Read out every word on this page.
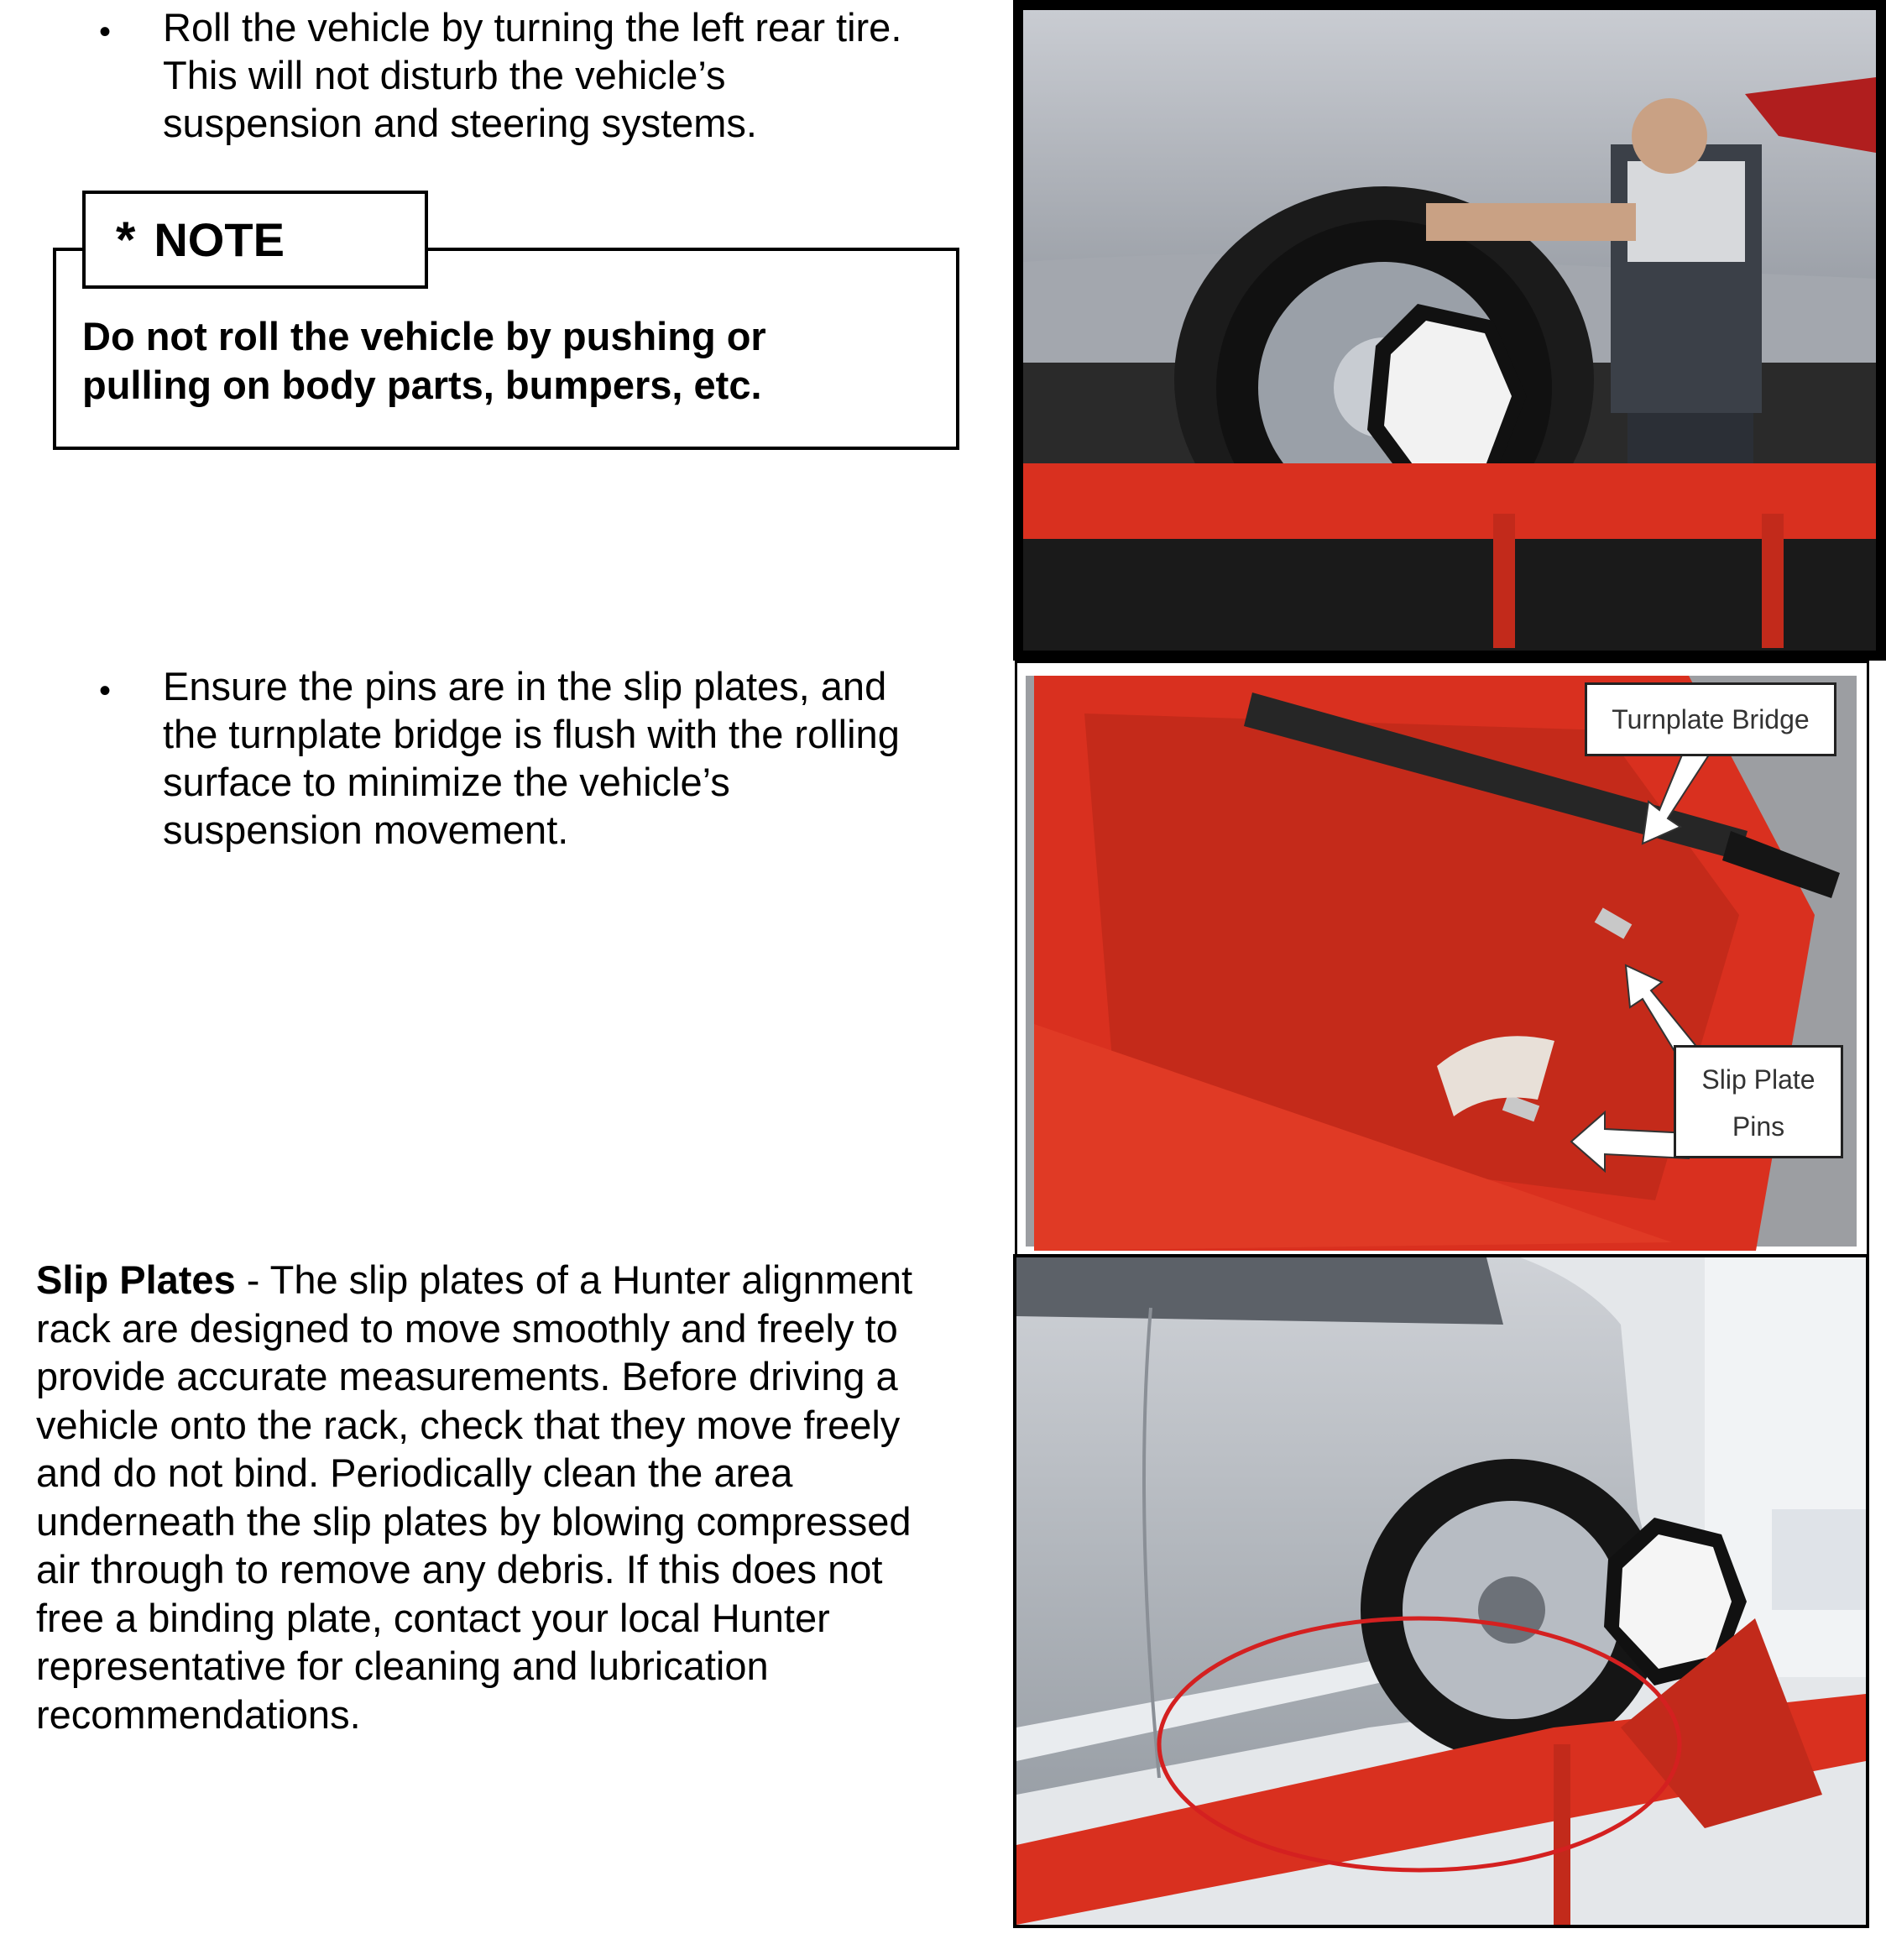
• Roll the vehicle by turning the left rear tire.
This will not disturb the vehicle’s
suspension and steering systems.
* NOTE
Do not roll the vehicle by pushing or
pulling on body parts, bumpers, etc.
• Ensure the pins are in the slip plates, and
the turnplate bridge is flush with the rolling
surface to minimize the vehicle’s
suspension movement.
Slip Plates - The slip plates of a Hunter alignment
rack are designed to move smoothly and freely to
provide accurate measurements. Before driving a
vehicle onto the rack, check that they move freely
and do not bind. Periodically clean the area
underneath the slip plates by blowing compressed
air through to remove any debris. If this does not
free a binding plate, contact your local Hunter
representative for cleaning and lubrication
recommendations.
Turnplate Bridge
Slip Plate
Pins
